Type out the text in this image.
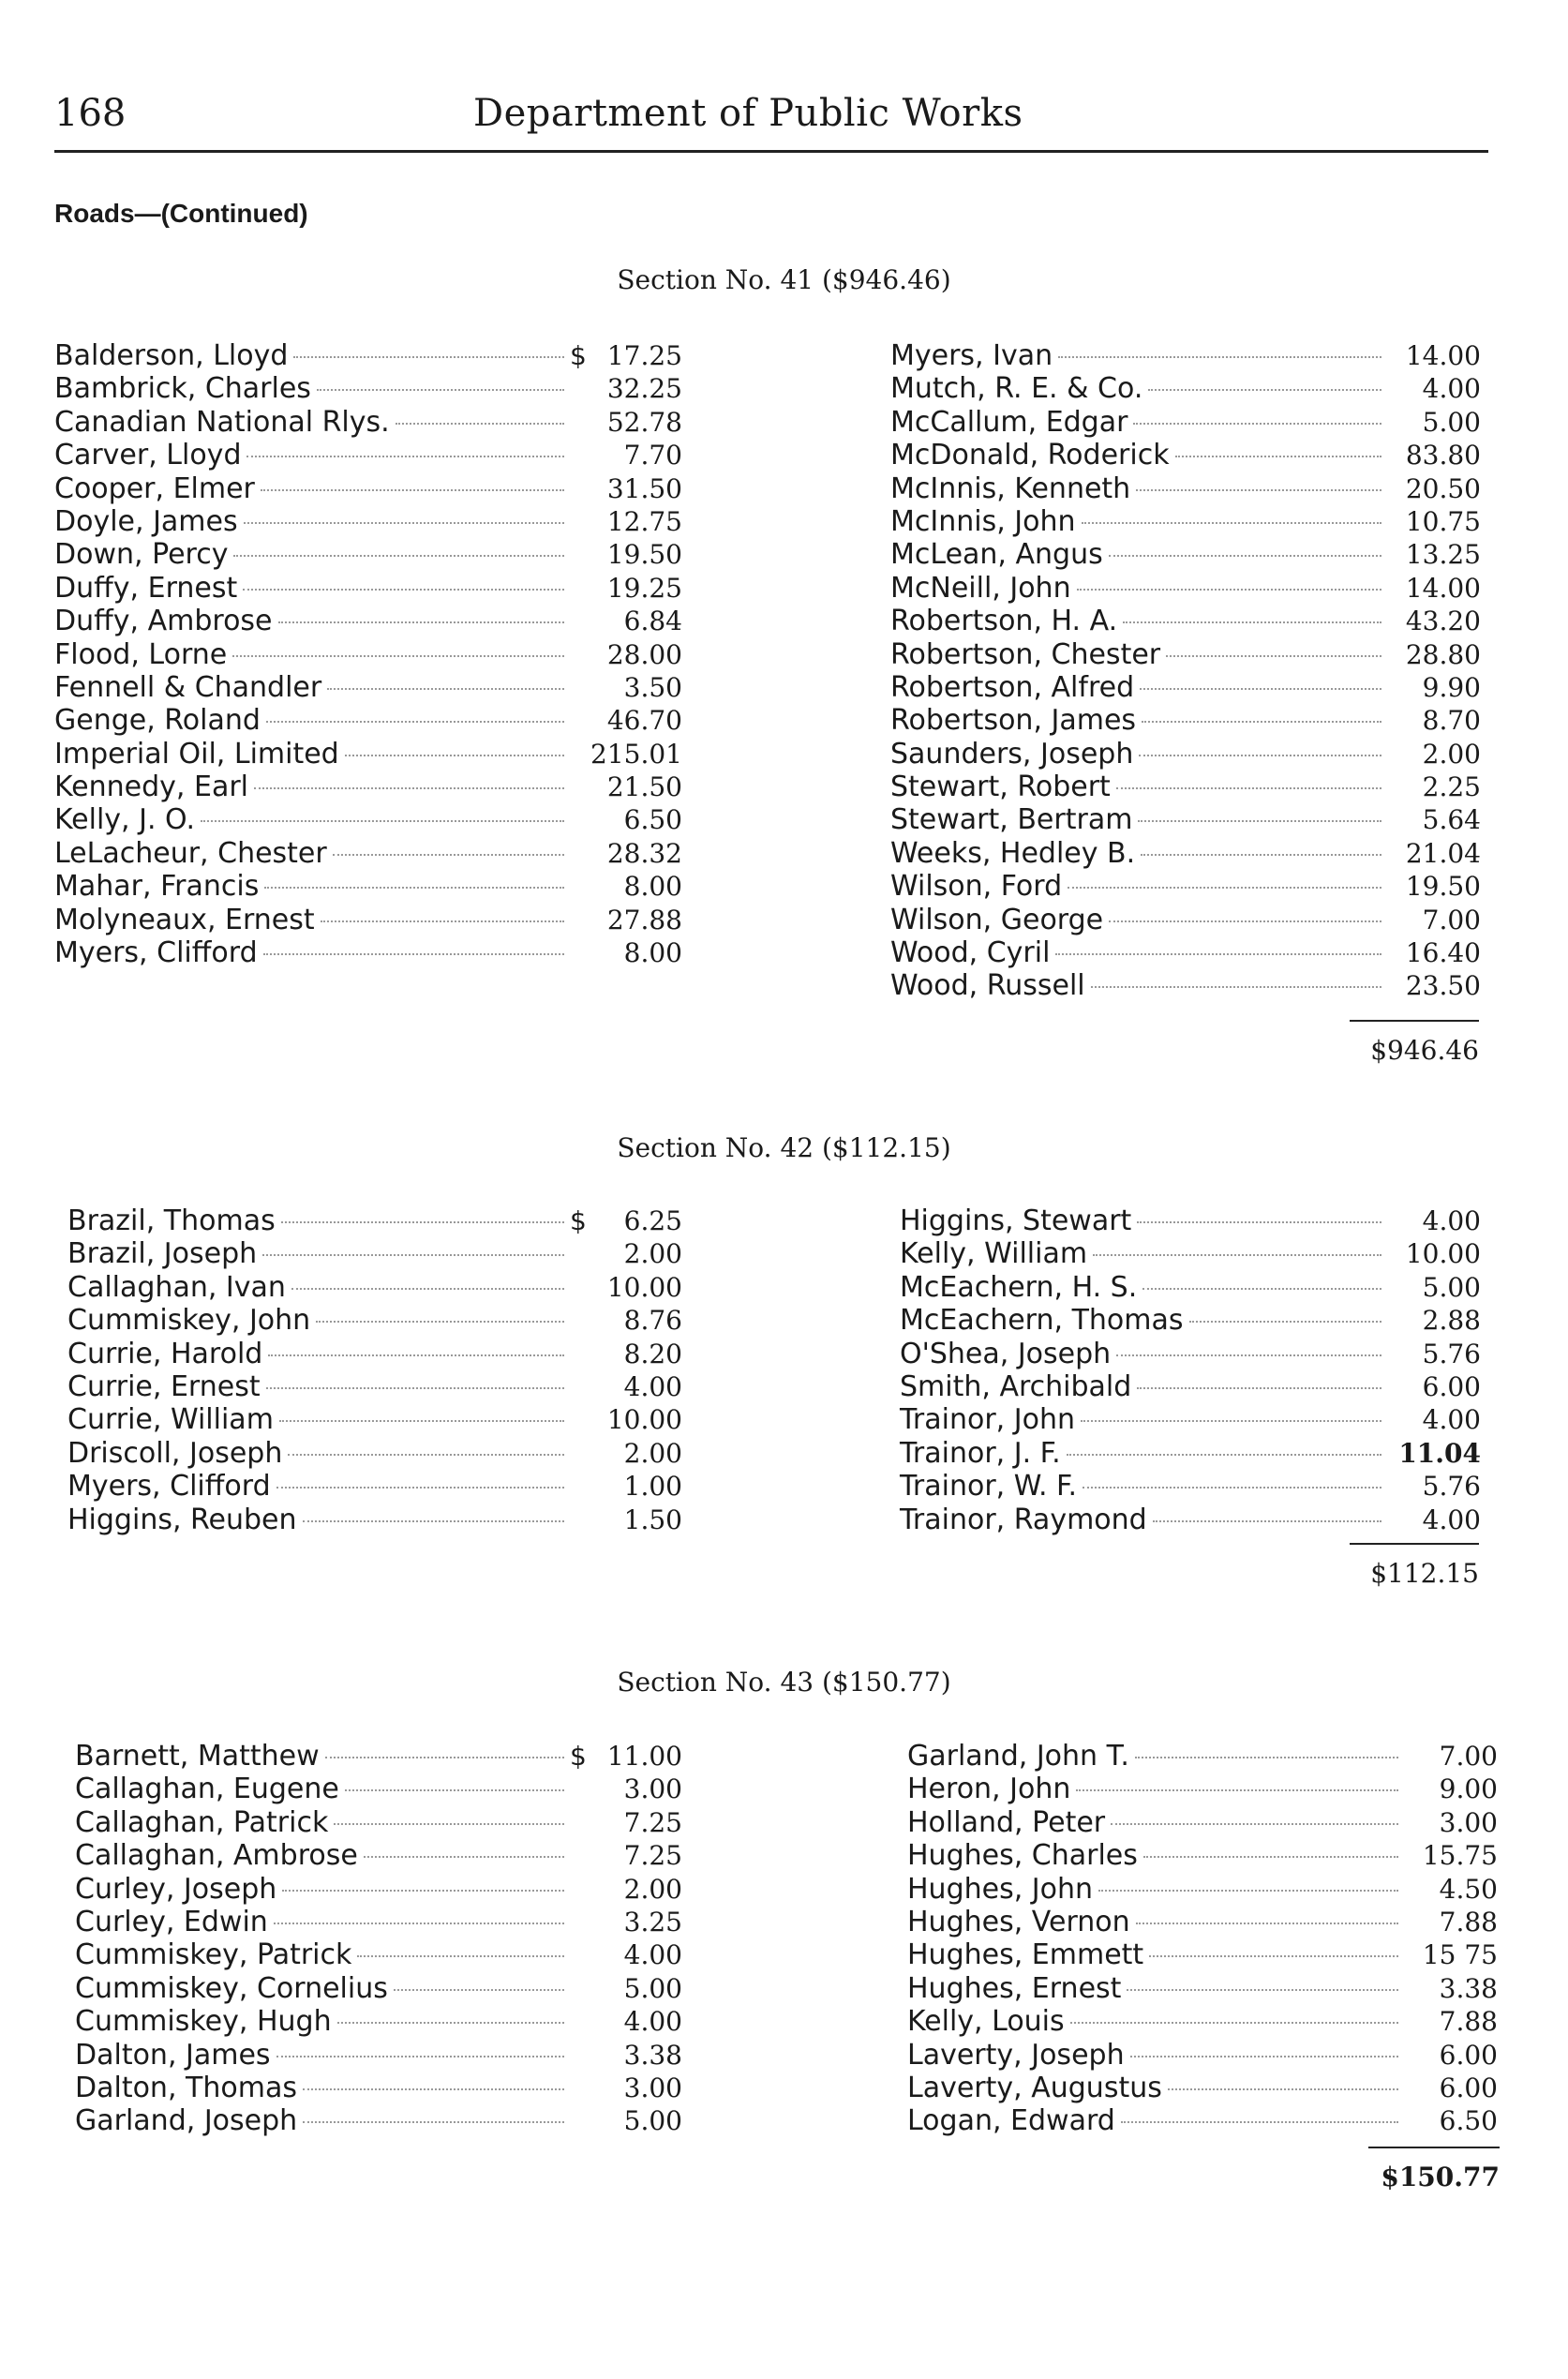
168	Department of Public Works
Roads—(Continued)
Section No. 41 ($946.46)
Balderson, Lloyd	$ 17.25
Bambrick, Charles	32.25
Canadian National Rlys.	52.78
Carver, Lloyd	7.70
Cooper, Elmer	31.50
Doyle, James	12.75
Down, Percy	19.50
Duffy, Ernest	19.25
Duffy, Ambrose	6.84
Flood, Lorne	28.00
Fennell & Chandler	3.50
Genge, Roland	46.70
Imperial Oil, Limited	215.01
Kennedy, Earl	21.50
Kelly, J. O.	6.50
LeLacheur, Chester	28.32
Mahar, Francis	8.00
Molyneaux, Ernest	27.88
Myers, Clifford	8.00
Myers, Ivan	14.00
Mutch, R. E. & Co.	4.00
McCallum, Edgar	5.00
McDonald, Roderick	83.80
McInnis, Kenneth	20.50
McInnis, John	10.75
McLean, Angus	13.25
McNeill, John	14.00
Robertson, H. A.	43.20
Robertson, Chester	28.80
Robertson, Alfred	9.90
Robertson, James	8.70
Saunders, Joseph	2.00
Stewart, Robert	2.25
Stewart, Bertram	5.64
Weeks, Hedley B.	21.04
Wilson, Ford	19.50
Wilson, George	7.00
Wood, Cyril	16.40
Wood, Russell	23.50
$946.46
Section No. 42 ($112.15)
Brazil, Thomas	$	6.25
Brazil, Joseph	2.00
Callaghan, Ivan	10.00
Cummiskey, John	8.76
Currie, Harold	8.20
Currie, Ernest	4.00
Currie, William	10.00
Driscoll, Joseph	2.00
Myers, Clifford	1.00
Higgins, Reuben	1.50
Higgins, Stewart	4.00
Kelly, William	10.00
McEachern, H. S.	5.00
McEachern, Thomas	2.88
O'Shea, Joseph	5.76
Smith, Archibald	6.00
Trainor, John	4.00
Trainor, J. F.	11.04
Trainor, W. F.	5.76
Trainor, Raymond	4.00
$112.15
Section No. 43 ($150.77)
Barnett, Matthew	$ 11.00
Callaghan, Eugene	3.00
Callaghan, Patrick	7.25
Callaghan, Ambrose	7.25
Curley, Joseph	2.00
Curley, Edwin	3.25
Cummiskey, Patrick	4.00
Cummiskey, Cornelius	5.00
Cummiskey, Hugh	4.00
Dalton, James	3.38
Dalton, Thomas	3.00
Garland, Joseph	5.00
Garland, John T.	7.00
Heron, John	9.00
Holland, Peter	3.00
Hughes, Charles	15.75
Hughes, John	4.50
Hughes, Vernon	7.88
Hughes, Emmett	15 75
Hughes, Ernest	3.38
Kelly, Louis	7.88
Laverty, Joseph	6.00
Laverty, Augustus	6.00
Logan, Edward	6.50
$150.77
